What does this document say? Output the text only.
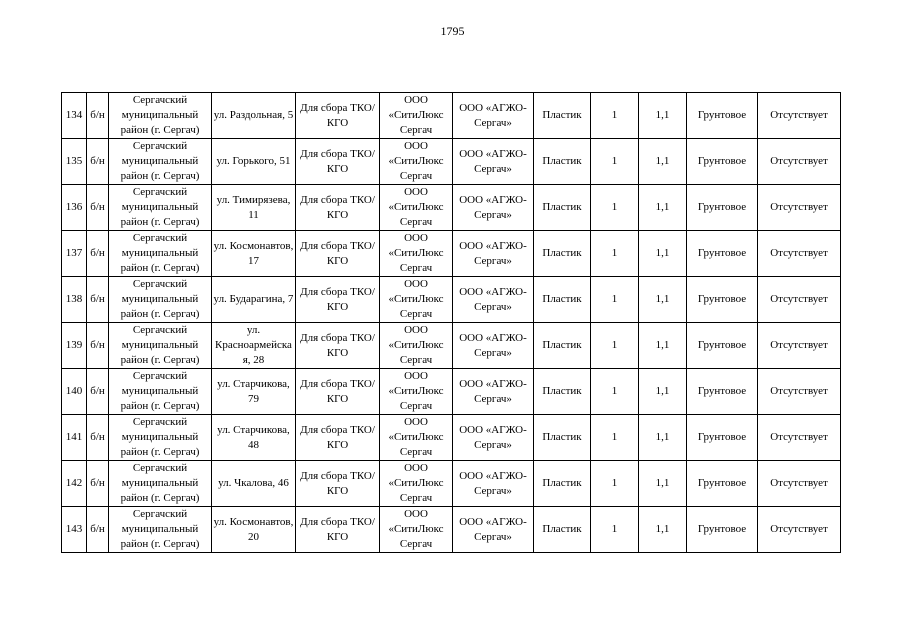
1795
134	б/н	Сергачский муниципальный район (г. Сергач)	ул. Раздольная, 5	Для сбора ТКО/КГО	ООО «СитиЛюкс Сергач	ООО «АГЖО-Сергач»	Пластик	1	1,1	Грунтовое	Отсутствует
135	б/н	Сергачский муниципальный район (г. Сергач)	ул. Горького, 51	Для сбора ТКО/КГО	ООО «СитиЛюкс Сергач	ООО «АГЖО-Сергач»	Пластик	1	1,1	Грунтовое	Отсутствует
136	б/н	Сергачский муниципальный район (г. Сергач)	ул. Тимирязева, 11	Для сбора ТКО/КГО	ООО «СитиЛюкс Сергач	ООО «АГЖО-Сергач»	Пластик	1	1,1	Грунтовое	Отсутствует
137	б/н	Сергачский муниципальный район (г. Сергач)	ул. Космонавтов, 17	Для сбора ТКО/КГО	ООО «СитиЛюкс Сергач	ООО «АГЖО-Сергач»	Пластик	1	1,1	Грунтовое	Отсутствует
138	б/н	Сергачский муниципальный район (г. Сергач)	ул. Бударагина, 7	Для сбора ТКО/КГО	ООО «СитиЛюкс Сергач	ООО «АГЖО-Сергач»	Пластик	1	1,1	Грунтовое	Отсутствует
139	б/н	Сергачский муниципальный район (г. Сергач)	ул. Красноармейская, 28	Для сбора ТКО/КГО	ООО «СитиЛюкс Сергач	ООО «АГЖО-Сергач»	Пластик	1	1,1	Грунтовое	Отсутствует
140	б/н	Сергачский муниципальный район (г. Сергач)	ул. Старчикова, 79	Для сбора ТКО/КГО	ООО «СитиЛюкс Сергач	ООО «АГЖО-Сергач»	Пластик	1	1,1	Грунтовое	Отсутствует
141	б/н	Сергачский муниципальный район (г. Сергач)	ул. Старчикова, 48	Для сбора ТКО/КГО	ООО «СитиЛюкс Сергач	ООО «АГЖО-Сергач»	Пластик	1	1,1	Грунтовое	Отсутствует
142	б/н	Сергачский муниципальный район (г. Сергач)	ул. Чкалова, 46	Для сбора ТКО/КГО	ООО «СитиЛюкс Сергач	ООО «АГЖО-Сергач»	Пластик	1	1,1	Грунтовое	Отсутствует
143	б/н	Сергачский муниципальный район (г. Сергач)	ул. Космонавтов, 20	Для сбора ТКО/КГО	ООО «СитиЛюкс Сергач	ООО «АГЖО-Сергач»	Пластик	1	1,1	Грунтовое	Отсутствует
